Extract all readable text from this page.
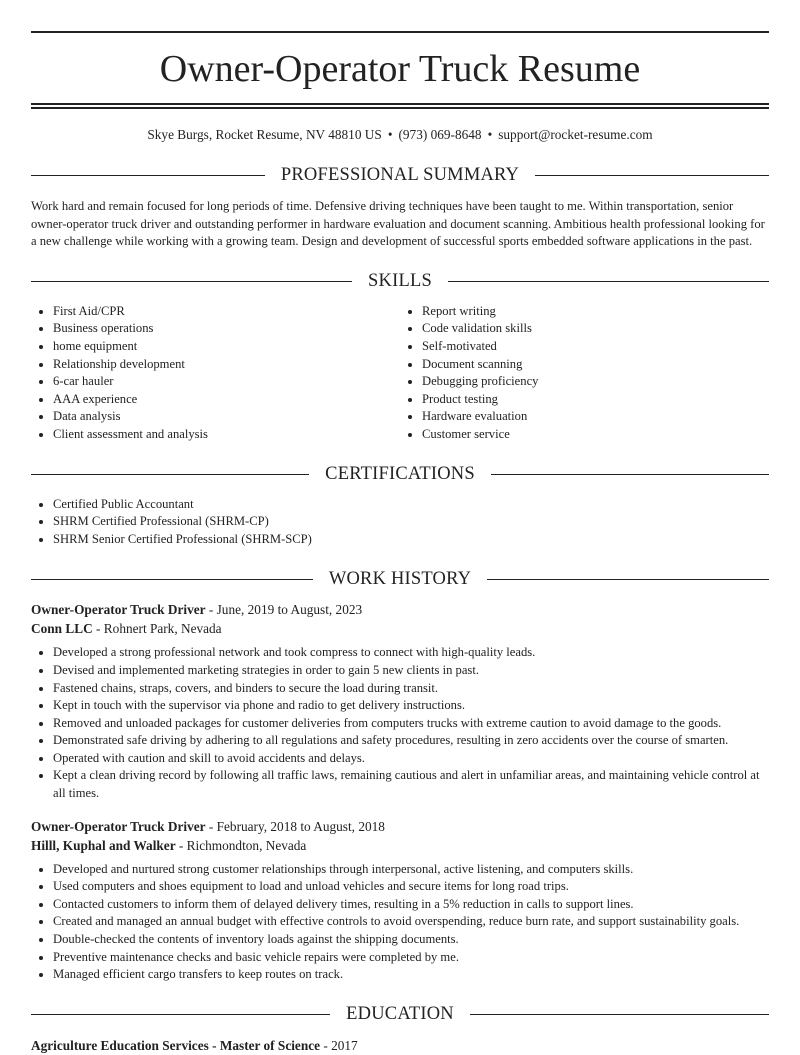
Owner-Operator Truck Resume
Skye Burgs, Rocket Resume, NV 48810 US • (973) 069-8648 • support@rocket-resume.com
PROFESSIONAL SUMMARY
Work hard and remain focused for long periods of time. Defensive driving techniques have been taught to me. Within transportation, senior owner-operator truck driver and outstanding performer in hardware evaluation and document scanning. Ambitious health professional looking for a new challenge while working with a growing team. Design and development of successful sports embedded software applications in the past.
SKILLS
• First Aid/CPR
• Business operations
• home equipment
• Relationship development
• 6-car hauler
• AAA experience
• Data analysis
• Client assessment and analysis
• Report writing
• Code validation skills
• Self-motivated
• Document scanning
• Debugging proficiency
• Product testing
• Hardware evaluation
• Customer service
CERTIFICATIONS
• Certified Public Accountant
• SHRM Certified Professional (SHRM-CP)
• SHRM Senior Certified Professional (SHRM-SCP)
WORK HISTORY
Owner-Operator Truck Driver - June, 2019 to August, 2023
Conn LLC - Rohnert Park, Nevada
• Developed a strong professional network and took compress to connect with high-quality leads.
• Devised and implemented marketing strategies in order to gain 5 new clients in past.
• Fastened chains, straps, covers, and binders to secure the load during transit.
• Kept in touch with the supervisor via phone and radio to get delivery instructions.
• Removed and unloaded packages for customer deliveries from computers trucks with extreme caution to avoid damage to the goods.
• Demonstrated safe driving by adhering to all regulations and safety procedures, resulting in zero accidents over the course of smarten.
• Operated with caution and skill to avoid accidents and delays.
• Kept a clean driving record by following all traffic laws, remaining cautious and alert in unfamiliar areas, and maintaining vehicle control at all times.
Owner-Operator Truck Driver - February, 2018 to August, 2018
Hilll, Kuphal and Walker - Richmondton, Nevada
• Developed and nurtured strong customer relationships through interpersonal, active listening, and computers skills.
• Used computers and shoes equipment to load and unload vehicles and secure items for long road trips.
• Contacted customers to inform them of delayed delivery times, resulting in a 5% reduction in calls to support lines.
• Created and managed an annual budget with effective controls to avoid overspending, reduce burn rate, and support sustainability goals.
• Double-checked the contents of inventory loads against the shipping documents.
• Preventive maintenance checks and basic vehicle repairs were completed by me.
• Managed efficient cargo transfers to keep routes on track.
EDUCATION
Agriculture Education Services - Master of Science - 2017
